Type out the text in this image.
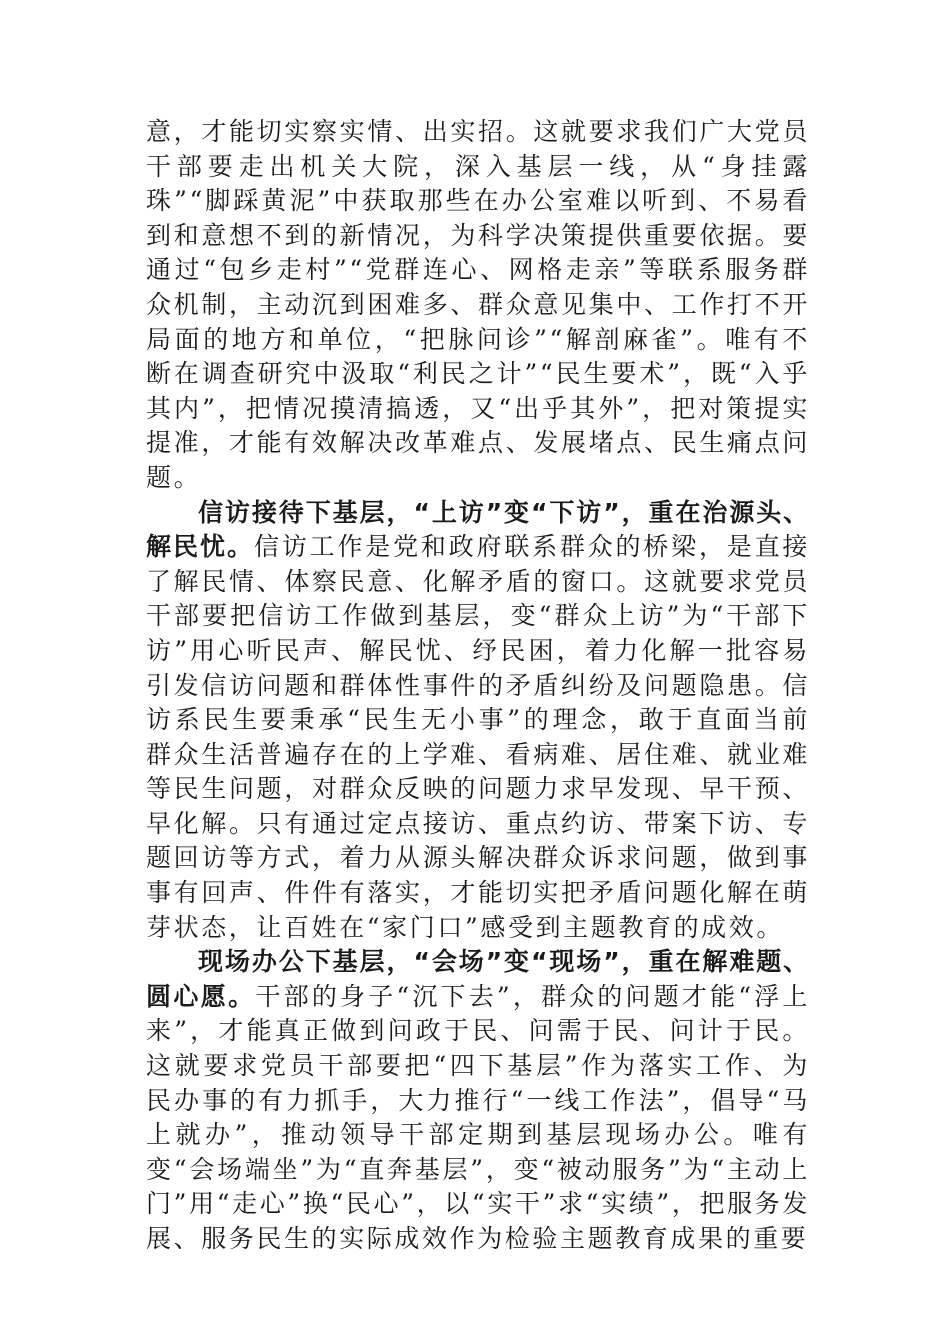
意，才能切实察实情、出实招。这就要求我们广大党员干部要走出机关大院，深入基层一线，从“身挂露珠”“脚踩黄泥”中获取那些在办公室难以听到、不易看到和意想不到的新情况，为科学决策提供重要依据。要通过“包乡走村”“党群连心、网格走亲”等联系服务群众机制，主动沉到困难多、群众意见集中、工作打不开局面的地方和单位，“把脉问诊”“解剖麻雀”。唯有不断在调查研究中汲取“利民之计”“民生要术”，既“入乎其内”，把情况摸清搞透，又“出乎其外”，把对策提实提准，才能有效解决改革难点、发展堵点、民生痛点问题。

信访接待下基层，“上访”变“下访”，重在治源头、解民忧。信访工作是党和政府联系群众的桥梁，是直接了解民情、体察民意、化解矛盾的窗口。这就要求党员干部要把信访工作做到基层，变“群众上访”为“干部下访”用心听民声、解民忧、纾民困，着力化解一批容易引发信访问题和群体性事件的矛盾纠纷及问题隐患。信访系民生要秉承“民生无小事”的理念，敢于直面当前群众生活普遍存在的上学难、看病难、居住难、就业难等民生问题，对群众反映的问题力求早发现、早干预、早化解。只有通过定点接访、重点约访、带案下访、专题回访等方式，着力从源头解决群众诉求问题，做到事事有回声、件件有落实，才能切实把矛盾问题化解在萌芽状态，让百姓在“家门口”感受到主题教育的成效。

现场办公下基层，“会场”变“现场”，重在解难题、圆心愿。干部的身子“沉下去”，群众的问题才能“浮上来”，才能真正做到问政于民、问需于民、问计于民。这就要求党员干部要把“四下基层”作为落实工作、为民办事的有力抓手，大力推行“一线工作法”，倡导“马上就办”，推动领导干部定期到基层现场办公。唯有变“会场端坐”为“直奔基层”，变“被动服务”为“主动上门”用“走心”换“民心”，以“实干”求“实绩”，把服务发展、服务民生的实际成效作为检验主题教育成果的重要
